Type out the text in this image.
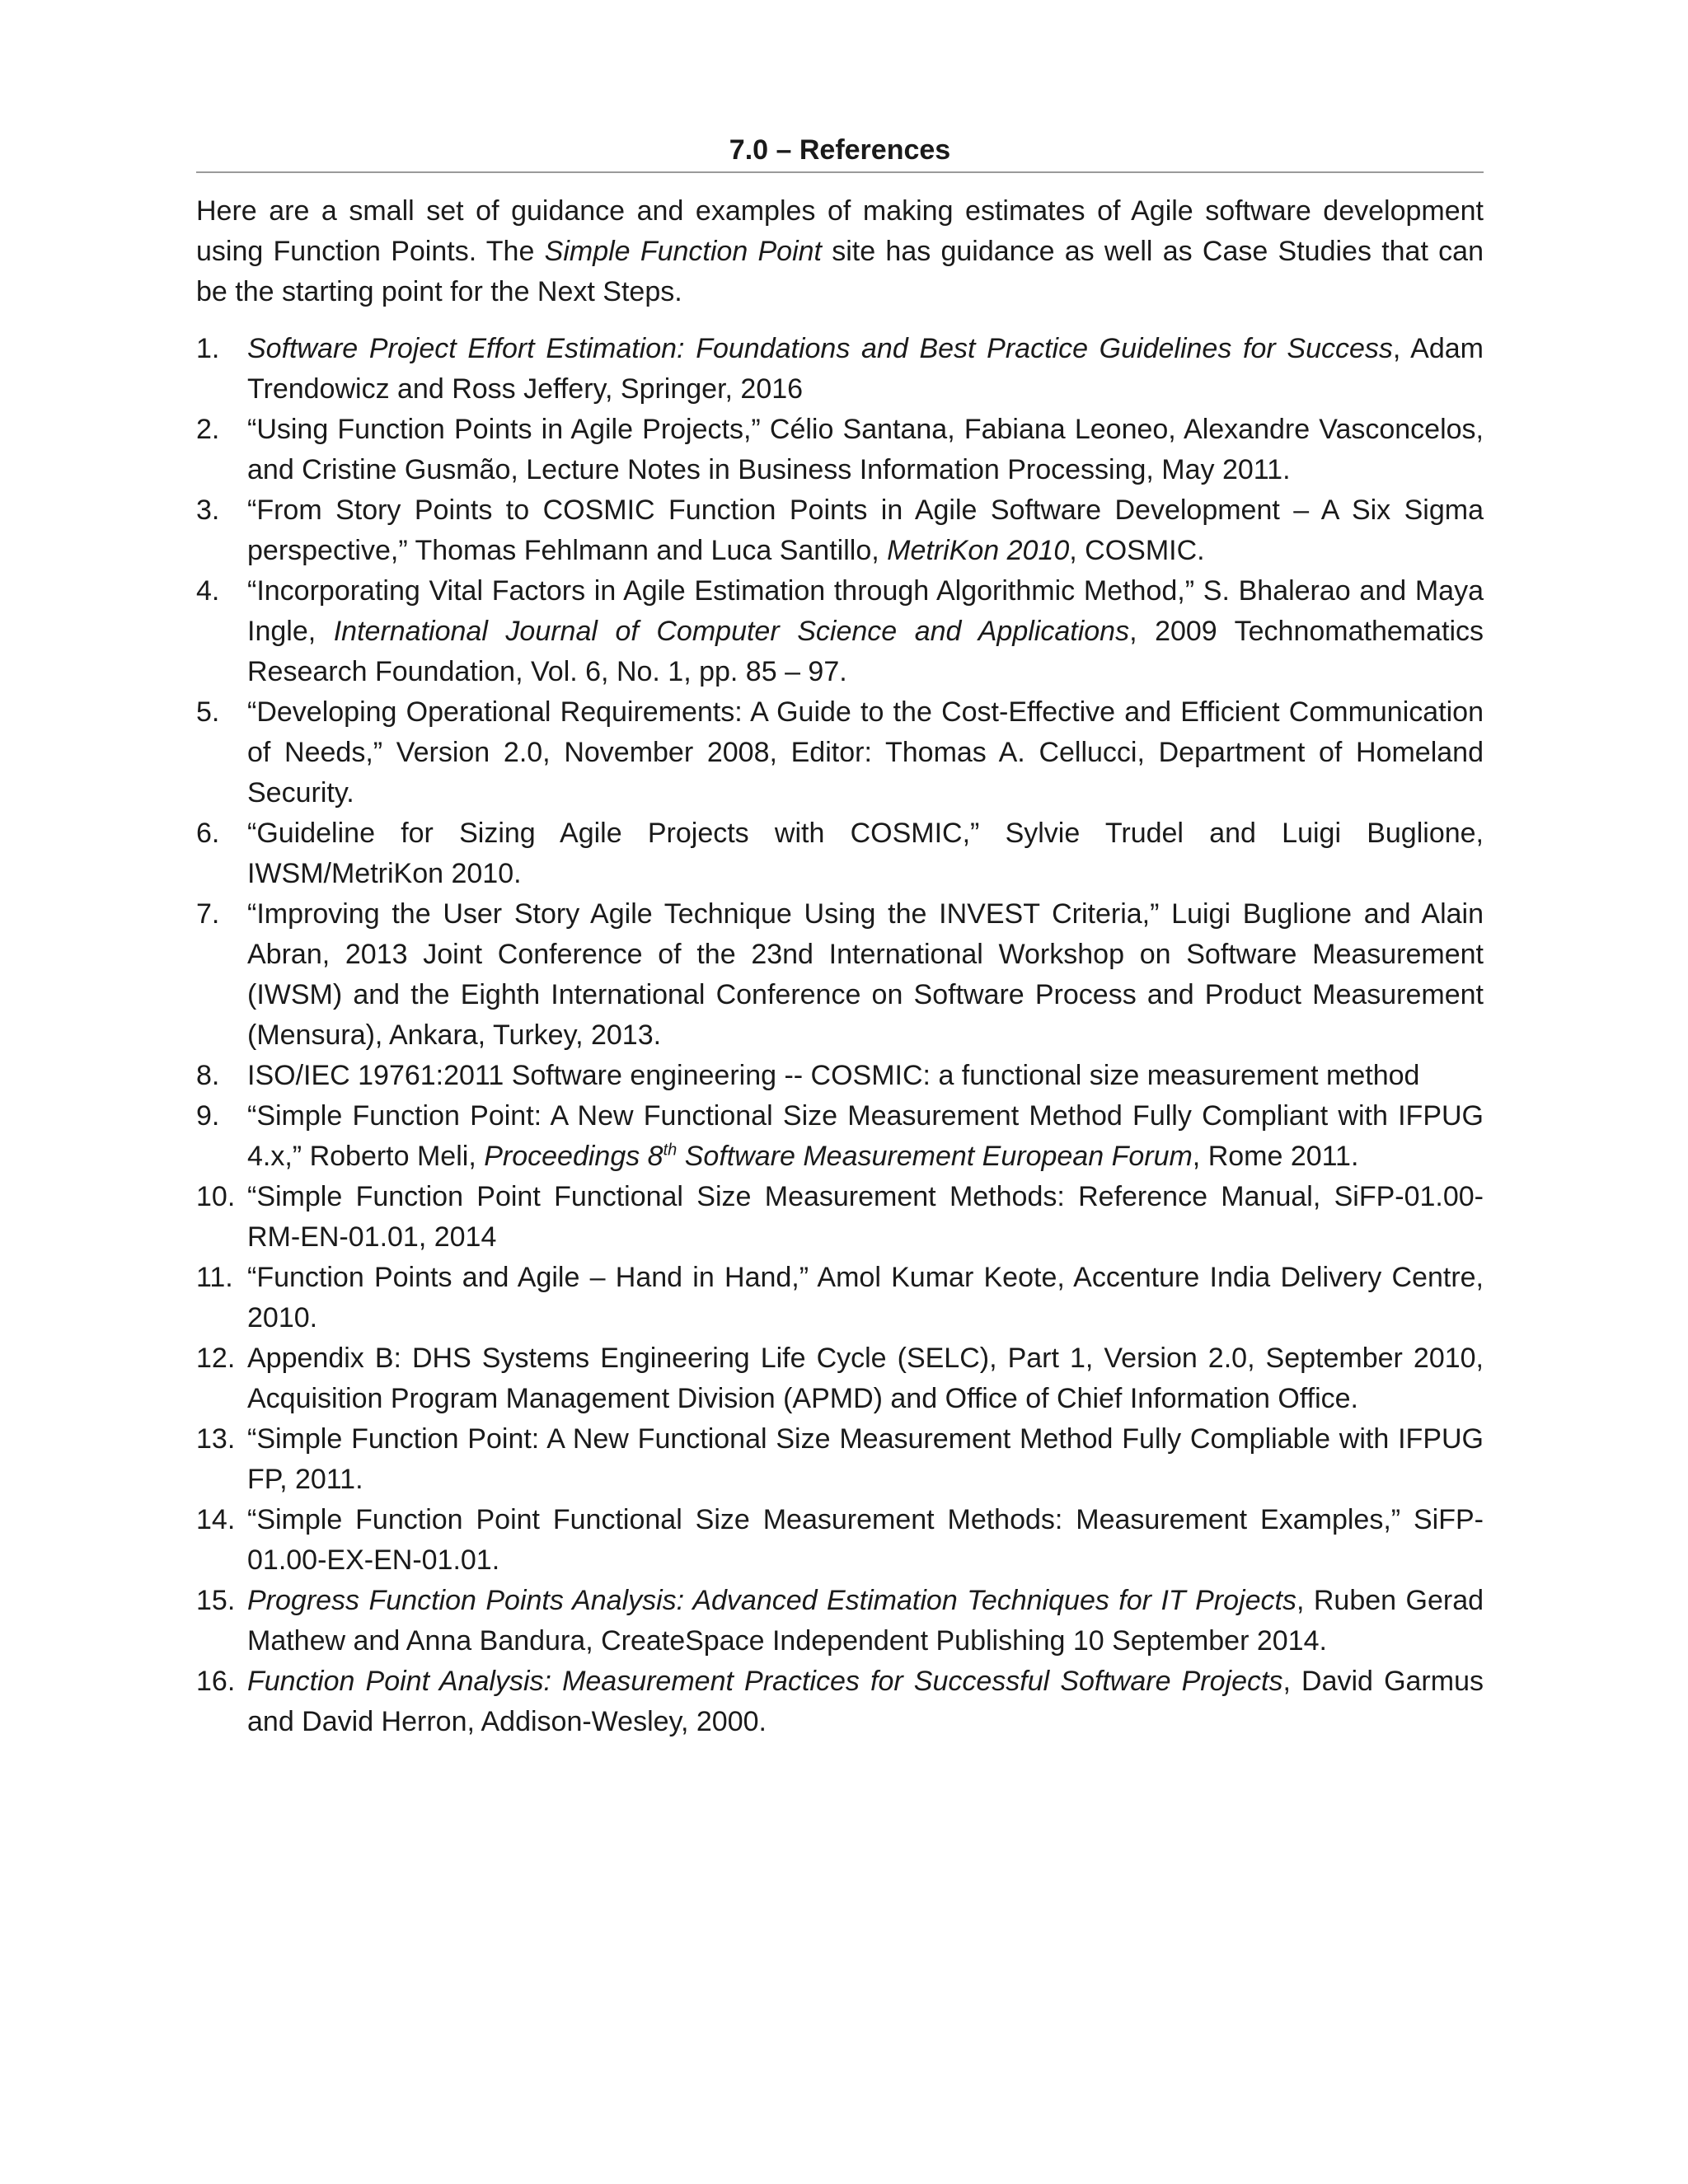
7.0 – References

Here are a small set of guidance and examples of making estimates of Agile software development using Function Points. The Simple Function Point site has guidance as well as Case Studies that can be the starting point for the Next Steps.

1. Software Project Effort Estimation: Foundations and Best Practice Guidelines for Success, Adam Trendowicz and Ross Jeffery, Springer, 2016
2. “Using Function Points in Agile Projects,” Célio Santana, Fabiana Leoneo, Alexandre Vasconcelos, and Cristine Gusmão, Lecture Notes in Business Information Processing, May 2011.
3. “From Story Points to COSMIC Function Points in Agile Software Development – A Six Sigma perspective,” Thomas Fehlmann and Luca Santillo, MetriKon 2010, COSMIC.
4. “Incorporating Vital Factors in Agile Estimation through Algorithmic Method,” S. Bhalerao and Maya Ingle, International Journal of Computer Science and Applications, 2009 Technomathematics Research Foundation, Vol. 6, No. 1, pp. 85 – 97.
5. “Developing Operational Requirements: A Guide to the Cost-Effective and Efficient Communication of Needs,” Version 2.0, November 2008, Editor: Thomas A. Cellucci, Department of Homeland Security.
6. “Guideline for Sizing Agile Projects with COSMIC,” Sylvie Trudel and Luigi Buglione, IWSM/MetriKon 2010.
7. “Improving the User Story Agile Technique Using the INVEST Criteria,” Luigi Buglione and Alain Abran, 2013 Joint Conference of the 23nd International Workshop on Software Measurement (IWSM) and the Eighth International Conference on Software Process and Product Measurement (Mensura), Ankara, Turkey, 2013.
8. ISO/IEC 19761:2011 Software engineering -- COSMIC: a functional size measurement method
9. “Simple Function Point: A New Functional Size Measurement Method Fully Compliant with IFPUG 4.x,” Roberto Meli, Proceedings 8th Software Measurement European Forum, Rome 2011.
10. “Simple Function Point Functional Size Measurement Methods: Reference Manual, SiFP-01.00-RM-EN-01.01, 2014
11. “Function Points and Agile – Hand in Hand,” Amol Kumar Keote, Accenture India Delivery Centre, 2010.
12. Appendix B: DHS Systems Engineering Life Cycle (SELC), Part 1, Version 2.0, September 2010, Acquisition Program Management Division (APMD) and Office of Chief Information Office.
13. “Simple Function Point: A New Functional Size Measurement Method Fully Compliable with IFPUG FP, 2011.
14. “Simple Function Point Functional Size Measurement Methods: Measurement Examples,” SiFP-01.00-EX-EN-01.01.
15. Progress Function Points Analysis: Advanced Estimation Techniques for IT Projects, Ruben Gerad Mathew and Anna Bandura, CreateSpace Independent Publishing 10 September 2014.
16. Function Point Analysis: Measurement Practices for Successful Software Projects, David Garmus and David Herron, Addison-Wesley, 2000.
